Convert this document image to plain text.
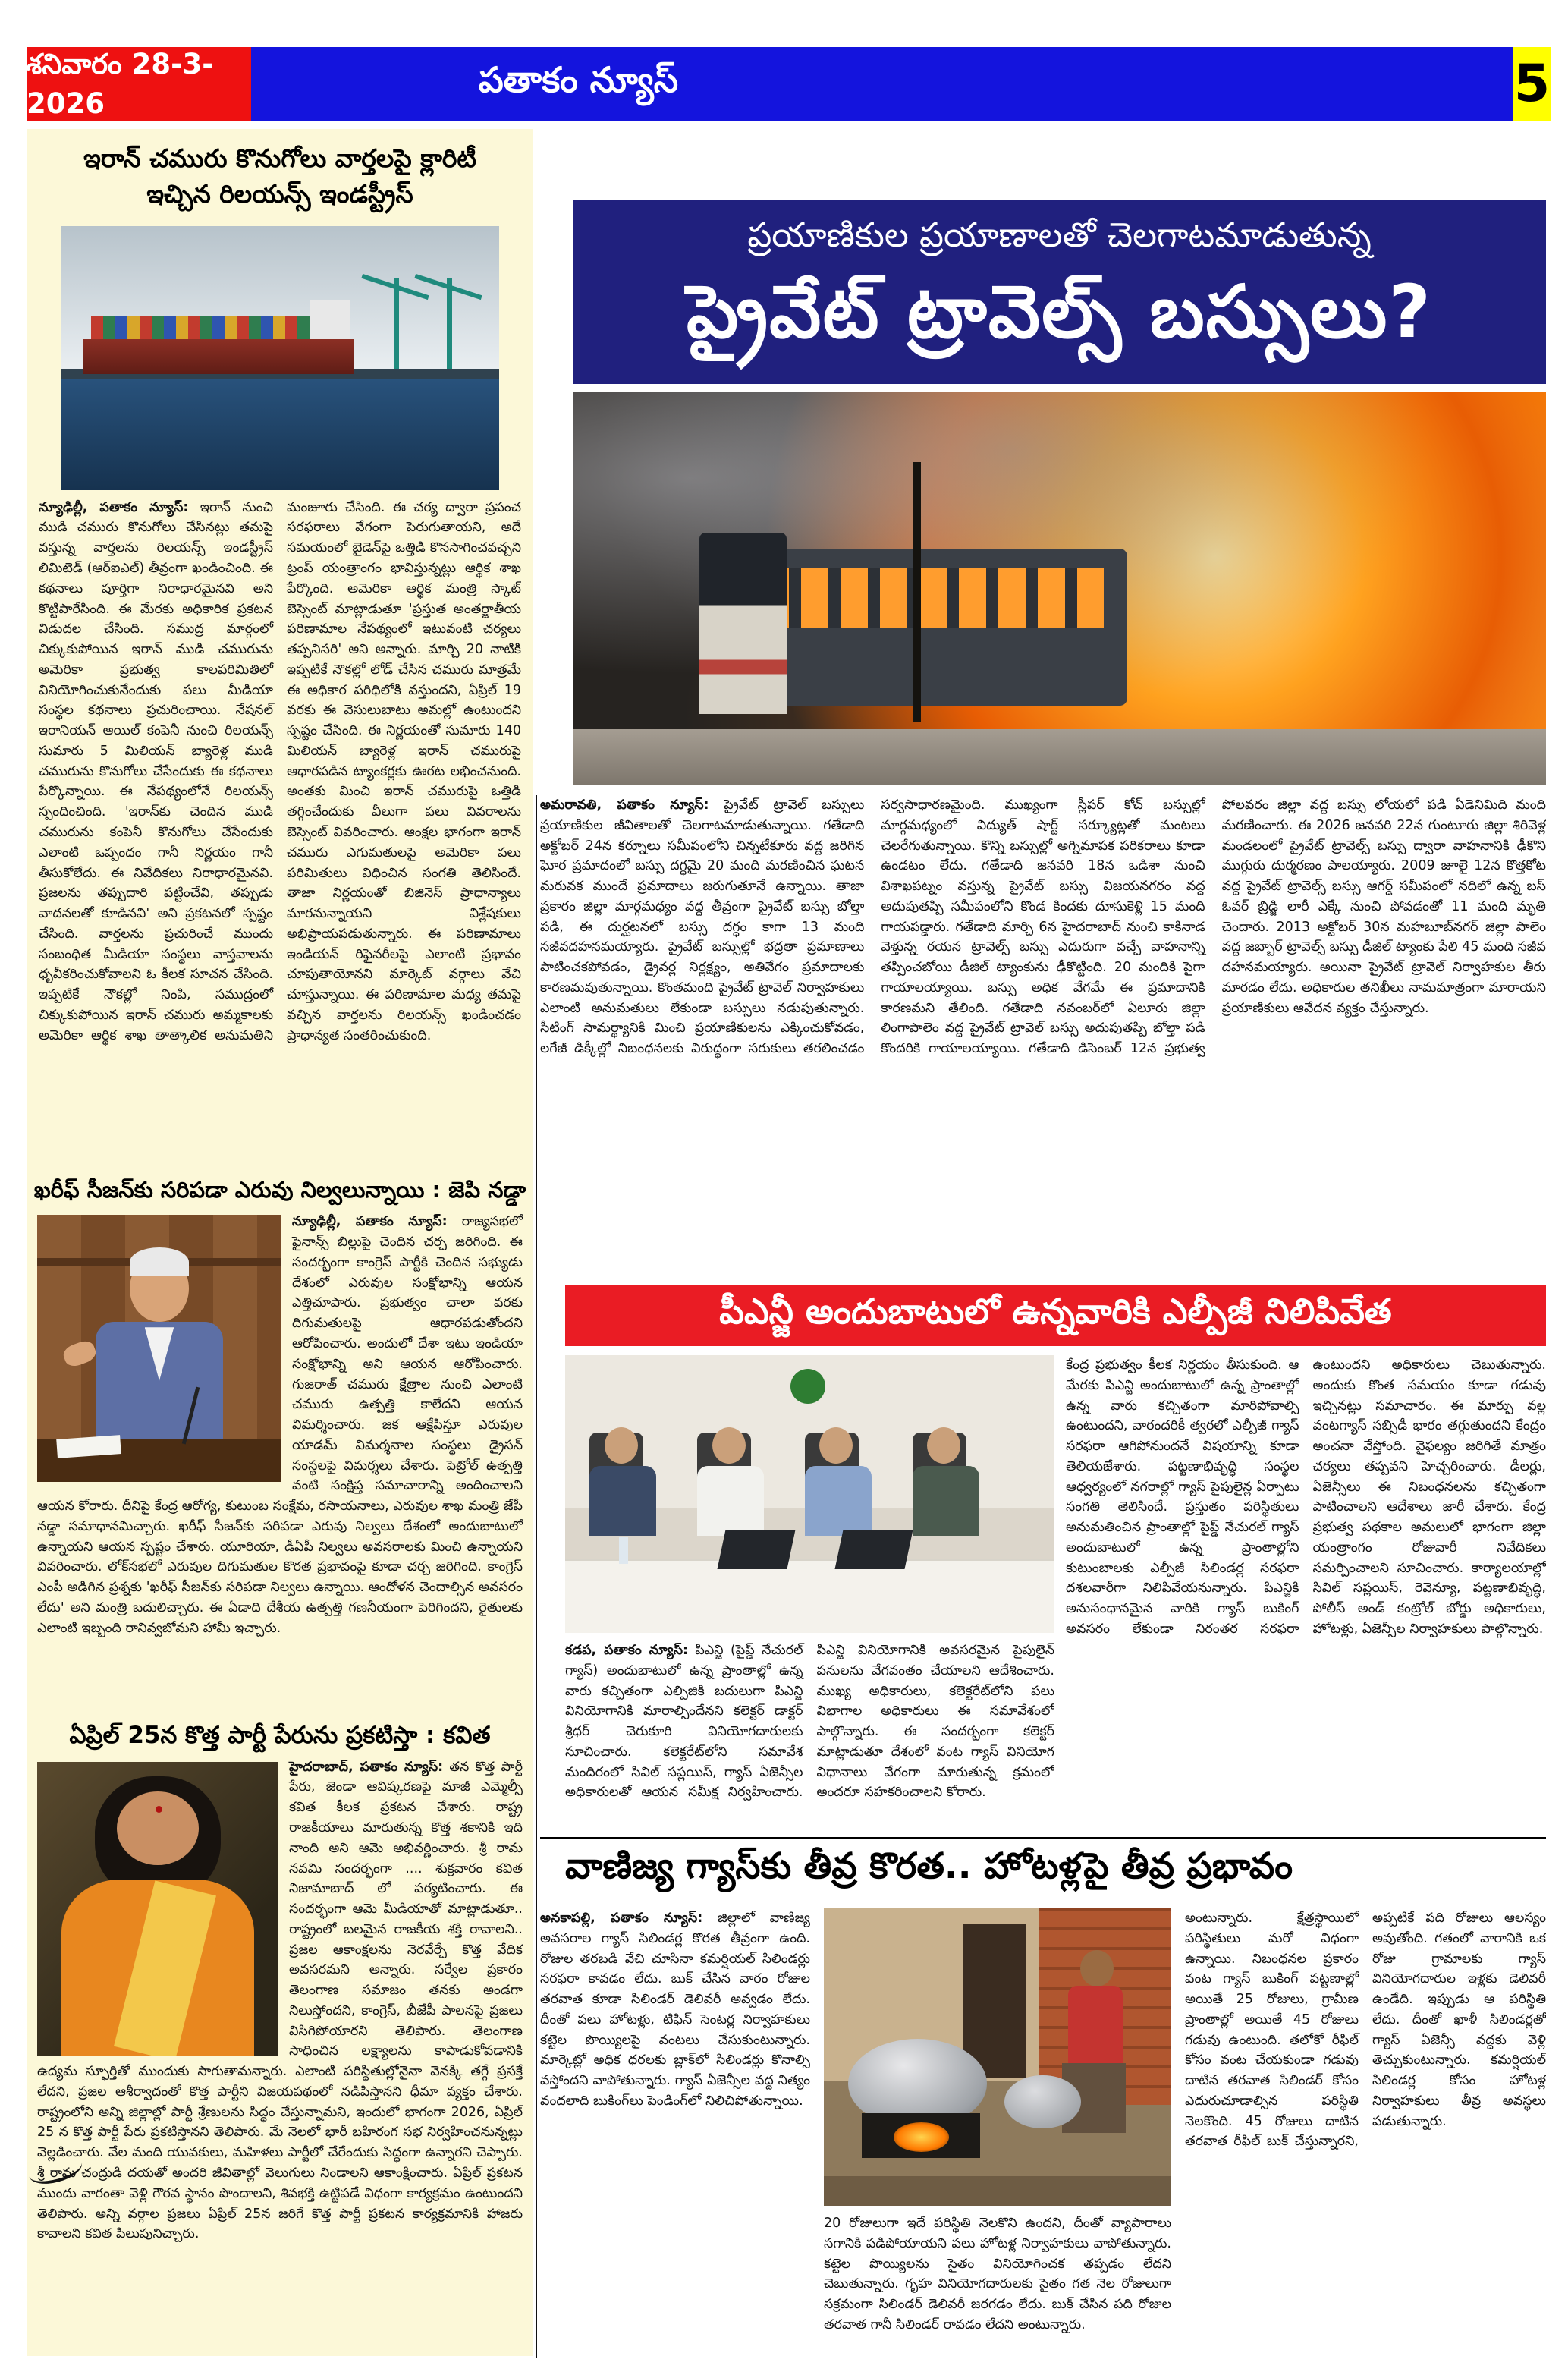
శనివారం 28-3-2026
పతాకం న్యూస్	5
ఇరాన్ చమురు కొనుగోలు వార్తలపై క్లారిటీ ఇచ్చిన రిలయన్స్ ఇండస్ట్రీస్
న్యూఢిల్లీ, పతాకం న్యూస్: ఇరాన్ నుంచి ముడి చమురు కొనుగోలు చేసినట్లు తమపై వస్తున్న వార్తలను రిలయన్స్ ఇండస్ట్రీస్ లిమిటెడ్ (ఆర్ఐఎల్) తీవ్రంగా ఖండించింది. ఈ కథనాలు పూర్తిగా నిరాధారమైనవి అని కొట్టిపారేసింది. ఈ మేరకు అధికారిక ప్రకటన విడుదల చేసింది. సముద్ర మార్గంలో చిక్కుకుపోయిన ఇరాన్ ముడి చమురును అమెరికా ప్రభుత్వ కాలపరిమితిలో వినియోగించుకునేందుకు పలు మీడియా సంస్థల కథనాలు ప్రచురించాయి. నేషనల్ ఇరానియన్ ఆయిల్ కంపెనీ నుంచి రిలయన్స్ సుమారు 5 మిలియన్ బ్యారెళ్ల ముడి చమురును కొనుగోలు చేసేందుకు ఈ కథనాలు పేర్కొన్నాయి. ఈ నేపథ్యంలోనే రిలయన్స్ స్పందించింది. 'ఇరాన్‌కు చెందిన ముడి చమురును కంపెనీ కొనుగోలు చేసేందుకు ఎలాంటి ఒప్పందం గానీ నిర్ణయం గానీ తీసుకోలేదు. ఈ నివేదికలు నిరాధారమైనవి. ప్రజలను తప్పుదారి పట్టించేవి, తప్పుడు వాదనలతో కూడినవి' అని ప్రకటనలో స్పష్టం చేసింది. వార్తలను ప్రచురించే ముందు సంబంధిత మీడియా సంస్థలు వాస్తవాలను ధృవీకరించుకోవాలని ఓ కీలక సూచన చేసింది. ఇప్పటికే నౌకల్లో నింపి, సముద్రంలో చిక్కుకుపోయిన ఇరాన్ చమురు అమ్మకాలకు అమెరికా ఆర్థిక శాఖ తాత్కాలిక అనుమతిని మంజూరు చేసింది. ఈ చర్య ద్వారా ప్రపంచ సరఫరాలు వేగంగా పెరుగుతాయని, అదే సమయంలో బైడెన్‌పై ఒత్తిడి కొనసాగించవచ్చని ట్రంప్ యంత్రాంగం భావిస్తున్నట్లు ఆర్థిక శాఖ పేర్కొంది. అమెరికా ఆర్థిక మంత్రి స్కాట్ బెస్సెంట్ మాట్లాడుతూ 'ప్రస్తుత అంతర్జాతీయ పరిణామాల నేపథ్యంలో ఇటువంటి చర్యలు తప్పనిసరి' అని అన్నారు. మార్చి 20 నాటికి ఇప్పటికే నౌకల్లో లోడ్ చేసిన చమురు మాత్రమే ఈ అధికార పరిధిలోకి వస్తుందని, ఏప్రిల్ 19 వరకు ఈ వెసులుబాటు అమల్లో ఉంటుందని స్పష్టం చేసింది. ఈ నిర్ణయంతో సుమారు 140 మిలియన్ బ్యారెళ్ల ఇరాన్ చమురుపై ఆధారపడిన ట్యాంకర్లకు ఊరట లభించనుంది. అంతకు మించి ఇరాన్ చమురుపై ఒత్తిడి తగ్గించేందుకు వీలుగా పలు వివరాలను బెస్సెంట్ వివరించారు. ఆంక్షల భాగంగా ఇరాన్ చమురు ఎగుమతులపై అమెరికా పలు పరిమితులు విధించిన సంగతి తెలిసిందే. తాజా నిర్ణయంతో బిజినెస్ ప్రాధాన్యాలు మారనున్నాయని విశ్లేషకులు అభిప్రాయపడుతున్నారు. ఈ పరిణామాలు ఇండియన్ రిఫైనరీలపై ఎలాంటి ప్రభావం చూపుతాయోనని మార్కెట్ వర్గాలు వేచి చూస్తున్నాయి. ఈ పరిణామాల మధ్య తమపై వచ్చిన వార్తలను రిలయన్స్ ఖండించడం ప్రాధాన్యత సంతరించుకుంది.
ఖరీఫ్ సీజన్‌కు సరిపడా ఎరువు నిల్వలున్నాయి : జెపి నడ్డా

న్యూఢిల్లీ, పతాకం న్యూస్: రాజ్యసభలో ఫైనాన్స్ బిల్లుపై చెందిన చర్చ జరిగింది. ఈ సందర్భంగా కాంగ్రెస్ పార్టీకి చెందిన సభ్యుడు దేశంలో ఎరువుల సంక్షోభాన్ని ఆయన ఎత్తిచూపారు. ప్రభుత్వం చాలా వరకు దిగుమతులపై ఆధారపడుతోందని ఆరోపించారు. అందులో దేశా ఇటు ఇండియా సంక్షోభాన్ని అని ఆయన ఆరోపించారు. గుజరాత్ చమురు క్షేత్రాల నుంచి ఎలాంటి చమురు ఉత్పత్తి కాలేదని ఆయన విమర్శించారు. జక ఆక్షేపిస్తూ ఎరువుల యాడమ్ విమర్శనాల సంస్థలు డ్రైసన్ సంస్థలపై విమర్శలు చేశారు. పెట్రోల్ ఉత్పత్తి వంటి సంక్షిప్త సమాచారాన్ని అందించాలని ఆయన కోరారు. దీనిపై కేంద్ర ఆరోగ్య, కుటుంబ సంక్షేమ, రసాయనాలు, ఎరువుల శాఖ మంత్రి జేపీ నడ్డా సమాధానమిచ్చారు. ఖరీఫ్ సీజన్‌కు సరిపడా ఎరువు నిల్వలు దేశంలో అందుబాటులో ఉన్నాయని ఆయన స్పష్టం చేశారు. యూరియా, డీఏపీ నిల్వలు అవసరాలకు మించి ఉన్నాయని వివరించారు. లోక్‌సభలో ఎరువుల దిగుమతుల కొరత ప్రభావంపై కూడా చర్చ జరిగింది. కాంగ్రెస్ ఎంపీ అడిగిన ప్రశ్నకు 'ఖరీఫ్ సీజన్‌కు సరిపడా నిల్వలు ఉన్నాయి. ఆందోళన చెందాల్సిన అవసరం లేదు' అని మంత్రి బదులిచ్చారు. ఈ ఏడాది దేశీయ ఉత్పత్తి గణనీయంగా పెరిగిందని, రైతులకు ఎలాంటి ఇబ్బంది రానివ్వబోమని హామీ ఇచ్చారు.

ఏప్రిల్ 25న కొత్త పార్టీ పేరును ప్రకటిస్తా : కవిత

హైదరాబాద్, పతాకం న్యూస్: తన కొత్త పార్టీ పేరు, జెండా ఆవిష్కరణపై మాజీ ఎమ్మెల్సీ కవిత కీలక ప్రకటన చేశారు. రాష్ట్ర రాజకీయాలు మారుతున్న కొత్త శకానికి ఇది నాంది అని ఆమె అభివర్ణించారు. శ్రీ రామ నవమి సందర్భంగా .... శుక్రవారం కవిత నిజామాబాద్ లో పర్యటించారు. ఈ సందర్భంగా ఆమె మీడియాతో మాట్లాడుతూ.. రాష్ట్రంలో బలమైన రాజకీయ శక్తి రావాలని.. ప్రజల ఆకాంక్షలను నెరవేర్చే కొత్త వేదిక అవసరమని అన్నారు. సర్వేల ప్రకారం తెలంగాణ సమాజం తనకు అండగా నిలుస్తోందని, కాంగ్రెస్, బీజేపీ పాలనపై ప్రజలు విసిగిపోయారని తెలిపారు. తెలంగాణ సాధించిన లక్ష్యాలను కాపాడుకోవడానికి ఉద్యమ స్ఫూర్తితో ముందుకు సాగుతామన్నారు. ఎలాంటి పరిస్థితుల్లోనైనా వెనక్కి తగ్గే ప్రసక్తే లేదని, ప్రజల ఆశీర్వాదంతో కొత్త పార్టీని విజయపథంలో నడిపిస్తానని ధీమా వ్యక్తం చేశారు. రాష్ట్రంలోని అన్ని జిల్లాల్లో పార్టీ శ్రేణులను సిద్ధం చేస్తున్నామని, ఇందులో భాగంగా 2026, ఏప్రిల్ 25 న కొత్త పార్టీ పేరు ప్రకటిస్తానని తెలిపారు. మే నెలలో భారీ బహిరంగ సభ నిర్వహించనున్నట్లు వెల్లడించారు. వేల మంది యువకులు, మహిళలు పార్టీలో చేరేందుకు సిద్ధంగా ఉన్నారని చెప్పారు. శ్రీ రామ చంద్రుడి దయతో అందరి జీవితాల్లో వెలుగులు నిండాలని ఆకాంక్షించారు. ఏప్రిల్ ప్రకటన ముందు వారంతా వెళ్లి గౌరవ స్థానం పొందాలని, శివభక్తి ఉట్టిపడే విధంగా కార్యక్రమం ఉంటుందని తెలిపారు. అన్ని వర్గాల ప్రజలు ఏప్రిల్ 25న జరిగే కొత్త పార్టీ ప్రకటన కార్యక్రమానికి హాజరు కావాలని కవిత పిలుపునిచ్చారు.

ప్రయాణికుల ప్రయాణాలతో చెలగాటమాడుతున్న
ప్రైవేట్ ట్రావెల్స్ బస్సులు?
అమరావతి, పతాకం న్యూస్: ప్రైవేట్ ట్రావెల్ బస్సులు ప్రయాణికుల జీవితాలతో చెలగాటమాడుతున్నాయి. గతేడాది అక్టోబర్ 24న కర్నూలు సమీపంలోని చిన్నటేకూరు వద్ద జరిగిన ఘోర ప్రమాదంలో బస్సు దగ్ధమై 20 మంది మరణించిన ఘటన మరువక ముందే ప్రమాదాలు జరుగుతూనే ఉన్నాయి. తాజా ప్రకారం జిల్లా మార్గమధ్యం వద్ద తీవ్రంగా ప్రైవేట్ బస్సు బోల్తా పడి, ఈ దుర్ఘటనలో బస్సు దగ్ధం కాగా 13 మంది సజీవదహనమయ్యారు. ప్రైవేట్ బస్సుల్లో భద్రతా ప్రమాణాలు పాటించకపోవడం, డ్రైవర్ల నిర్లక్ష్యం, అతివేగం ప్రమాదాలకు కారణమవుతున్నాయి. కొంతమంది ప్రైవేట్ ట్రావెల్ నిర్వాహకులు ఎలాంటి అనుమతులు లేకుండా బస్సులు నడుపుతున్నారు. సీటింగ్ సామర్థ్యానికి మించి ప్రయాణికులను ఎక్కించుకోవడం, లగేజీ డిక్కీల్లో నిబంధనలకు విరుద్ధంగా సరుకులు తరలించడం సర్వసాధారణమైంది. ముఖ్యంగా స్లీపర్ కోచ్ బస్సుల్లో మార్గమధ్యంలో విద్యుత్ షార్ట్ సర్క్యూట్లతో మంటలు చెలరేగుతున్నాయి. కొన్ని బస్సుల్లో అగ్నిమాపక పరికరాలు కూడా ఉండటం లేదు. గతేడాది జనవరి 18న ఒడిశా నుంచి విశాఖపట్నం వస్తున్న ప్రైవేట్ బస్సు విజయనగరం వద్ద అదుపుతప్పి సమీపంలోని కొండ కిందకు దూసుకెళ్లి 15 మంది గాయపడ్డారు. గతేడాది మార్చి 6న హైదరాబాద్ నుంచి కాకినాడ వెళ్తున్న రయన ట్రావెల్స్ బస్సు ఎదురుగా వచ్చే వాహనాన్ని తప్పించబోయి డీజిల్ ట్యాంకును ఢీకొట్టింది. 20 మందికి పైగా గాయాలయ్యాయి. బస్సు అధిక వేగమే ఈ ప్రమాదానికి కారణమని తేలింది. గతేడాది నవంబర్‌లో ఏలూరు జిల్లా లింగాపాలెం వద్ద ప్రైవేట్ ట్రావెల్ బస్సు అదుపుతప్పి బోల్తా పడి కొందరికి గాయాలయ్యాయి. గతేడాది డిసెంబర్ 12న ప్రభుత్వ పోలవరం జిల్లా వద్ద బస్సు లోయలో పడి ఏడెనిమిది మంది మరణించారు. ఈ 2026 జనవరి 22న గుంటూరు జిల్లా శిరివెళ్ల మండలంలో ప్రైవేట్ ట్రావెల్స్ బస్సు ద్వారా వాహనానికి ఢీకొని ముగ్గురు దుర్మరణం పాలయ్యారు. 2009 జూలై 12న కొత్తకోట వద్ద ప్రైవేట్ ట్రావెల్స్ బస్సు ఆగర్డ్ సమీపంలో నదిలో ఉన్న బస్ ఓవర్ బ్రిడ్జి లారీ ఎక్కే నుంచి పోవడంతో 11 మంది మృతి చెందారు. 2013 అక్టోబర్ 30న మహబూబ్‌నగర్ జిల్లా పాలెం వద్ద జబ్బార్ ట్రావెల్స్ బస్సు డీజిల్ ట్యాంకు పేలి 45 మంది సజీవ దహనమయ్యారు. అయినా ప్రైవేట్ ట్రావెల్ నిర్వాహకుల తీరు మారడం లేదు. అధికారుల తనిఖీలు నామమాత్రంగా మారాయని ప్రయాణికులు ఆవేదన వ్యక్తం చేస్తున్నారు.
పీఎన్జీ అందుబాటులో ఉన్నవారికి ఎల్పీజీ నిలిపివేత
కడప, పతాకం న్యూస్: పిఎన్జి (పైప్డ్ నేచురల్ గ్యాస్) అందుబాటులో ఉన్న ప్రాంతాల్లో ఉన్న వారు కచ్చితంగా ఎల్పిజికి బదులుగా పిఎన్జి వినియోగానికి మారాల్సిందేనని కలెక్టర్ డాక్టర్ శ్రీధర్ చెరుకూరి వినియోగదారులకు సూచించారు. కలెక్టరేట్‌లోని సమావేశ మందిరంలో సివిల్ సప్లయిస్, గ్యాస్ ఏజెన్సీల అధికారులతో ఆయన సమీక్ష నిర్వహించారు. పిఎన్జి వినియోగానికి అవసరమైన పైపులైన్ పనులను వేగవంతం చేయాలని ఆదేశించారు. ముఖ్య అధికారులు, కలెక్టరేట్‌లోని పలు విభాగాల అధికారులు ఈ సమావేశంలో పాల్గొన్నారు. ఈ సందర్భంగా కలెక్టర్ మాట్లాడుతూ దేశంలో వంట గ్యాస్ వినియోగ విధానాలు వేగంగా మారుతున్న క్రమంలో అందరూ సహకరించాలని కోరారు.
కేంద్ర ప్రభుత్వం కీలక నిర్ణయం తీసుకుంది. ఆ మేరకు పిఎన్జి అందుబాటులో ఉన్న ప్రాంతాల్లో ఉన్న వారు కచ్చితంగా మారిపోవాల్సి ఉంటుందని, వారందరికీ త్వరలో ఎల్పీజీ గ్యాస్ సరఫరా ఆగిపోనుందనే విషయాన్ని కూడా తెలియజేశారు. పట్టణాభివృద్ధి సంస్థల ఆధ్వర్యంలో నగరాల్లో గ్యాస్ పైపులైన్ల ఏర్పాటు సంగతి తెలిసిందే. ప్రస్తుతం పరిస్థితులు అనుమతించిన ప్రాంతాల్లో పైప్డ్ నేచురల్ గ్యాస్ అందుబాటులో ఉన్న ప్రాంతాల్లోని కుటుంబాలకు ఎల్పీజీ సిలిండర్ల సరఫరా దశలవారీగా నిలిపివేయనున్నారు. పిఎన్జికి అనుసంధానమైన వారికి గ్యాస్ బుకింగ్ అవసరం లేకుండా నిరంతర సరఫరా ఉంటుందని అధికారులు చెబుతున్నారు. అందుకు కొంత సమయం కూడా గడువు ఇచ్చినట్లు సమాచారం. ఈ మార్పు వల్ల వంటగ్యాస్ సబ్సిడీ భారం తగ్గుతుందని కేంద్రం అంచనా వేస్తోంది. వైఫల్యం జరిగితే మాత్రం చర్యలు తప్పవని హెచ్చరించారు. డీలర్లు, ఏజెన్సీలు ఈ నిబంధనలను కచ్చితంగా పాటించాలని ఆదేశాలు జారీ చేశారు. కేంద్ర ప్రభుత్వ పథకాల అమలులో భాగంగా జిల్లా యంత్రాంగం రోజువారీ నివేదికలు సమర్పించాలని సూచించారు. కార్యాలయాల్లో సివిల్ సప్లయిస్, రెవెన్యూ, పట్టణాభివృద్ధి, పోలీస్ అండ్ కంట్రోల్ బోర్డు అధికారులు, హోటళ్లు, ఏజెన్సీల నిర్వాహకులు పాల్గొన్నారు.
వాణిజ్య గ్యాస్‌కు తీవ్ర కొరత.. హోటళ్లపై తీవ్ర ప్రభావం
అనకాపల్లి, పతాకం న్యూస్: జిల్లాలో వాణిజ్య అవసరాల గ్యాస్ సిలిండర్ల కొరత తీవ్రంగా ఉంది. రోజుల తరబడి వేచి చూసినా కమర్షియల్ సిలిండర్లు సరఫరా కావడం లేదు. బుక్ చేసిన వారం రోజుల తరవాత కూడా సిలిండర్ డెలివరీ అవ్వడం లేదు. దీంతో పలు హోటళ్లు, టిఫిన్ సెంటర్ల నిర్వాహకులు కట్టెల పొయ్యిలపై వంటలు చేసుకుంటున్నారు. మార్కెట్లో అధిక ధరలకు బ్లాక్‌లో సిలిండర్లు కొనాల్సి వస్తోందని వాపోతున్నారు. గ్యాస్ ఏజెన్సీల వద్ద నిత్యం వందలాది బుకింగ్‌లు పెండింగ్‌లో నిలిచిపోతున్నాయి.
20 రోజులుగా ఇదే పరిస్థితి నెలకొని ఉందని, దీంతో వ్యాపారాలు సగానికి పడిపోయాయని పలు హోటళ్ల నిర్వాహకులు వాపోతున్నారు. కట్టెల పొయ్యిలను సైతం వినియోగించక తప్పడం లేదని చెబుతున్నారు. గృహ వినియోగదారులకు సైతం గత నెల రోజులుగా సక్రమంగా సిలిండర్ డెలివరీ జరగడం లేదు. బుక్ చేసిన పది రోజుల తరవాత గానీ సిలిండర్ రావడం లేదని అంటున్నారు.
అంటున్నారు. క్షేత్రస్థాయిలో పరిస్థితులు మరో విధంగా ఉన్నాయి. నిబంధనల ప్రకారం వంట గ్యాస్ బుకింగ్ పట్టణాల్లో అయితే 25 రోజులు, గ్రామీణ ప్రాంతాల్లో అయితే 45 రోజులు గడువు ఉంటుంది. తలోకో రీఫిల్ కోసం వంట చేయకుండా గడువు దాటిన తరవాత సిలిండర్ కోసం ఎదురుచూడాల్సిన పరిస్థితి నెలకొంది. 45 రోజులు దాటిన తరవాత రీఫిల్ బుక్ చేస్తున్నారని, అప్పటికే పది రోజులు ఆలస్యం అవుతోంది. గతంలో వారానికి ఒక రోజు గ్రామాలకు గ్యాస్ వినియోగదారుల ఇళ్లకు డెలివరీ ఉండేది. ఇప్పుడు ఆ పరిస్థితి లేదు. దీంతో ఖాళీ సిలిండర్లతో గ్యాస్ ఏజెన్సీ వద్దకు వెళ్లి తెచ్చుకుంటున్నారు. కమర్షియల్ సిలిండర్ల కోసం హోటళ్ల నిర్వాహకులు తీవ్ర అవస్థలు పడుతున్నారు.
